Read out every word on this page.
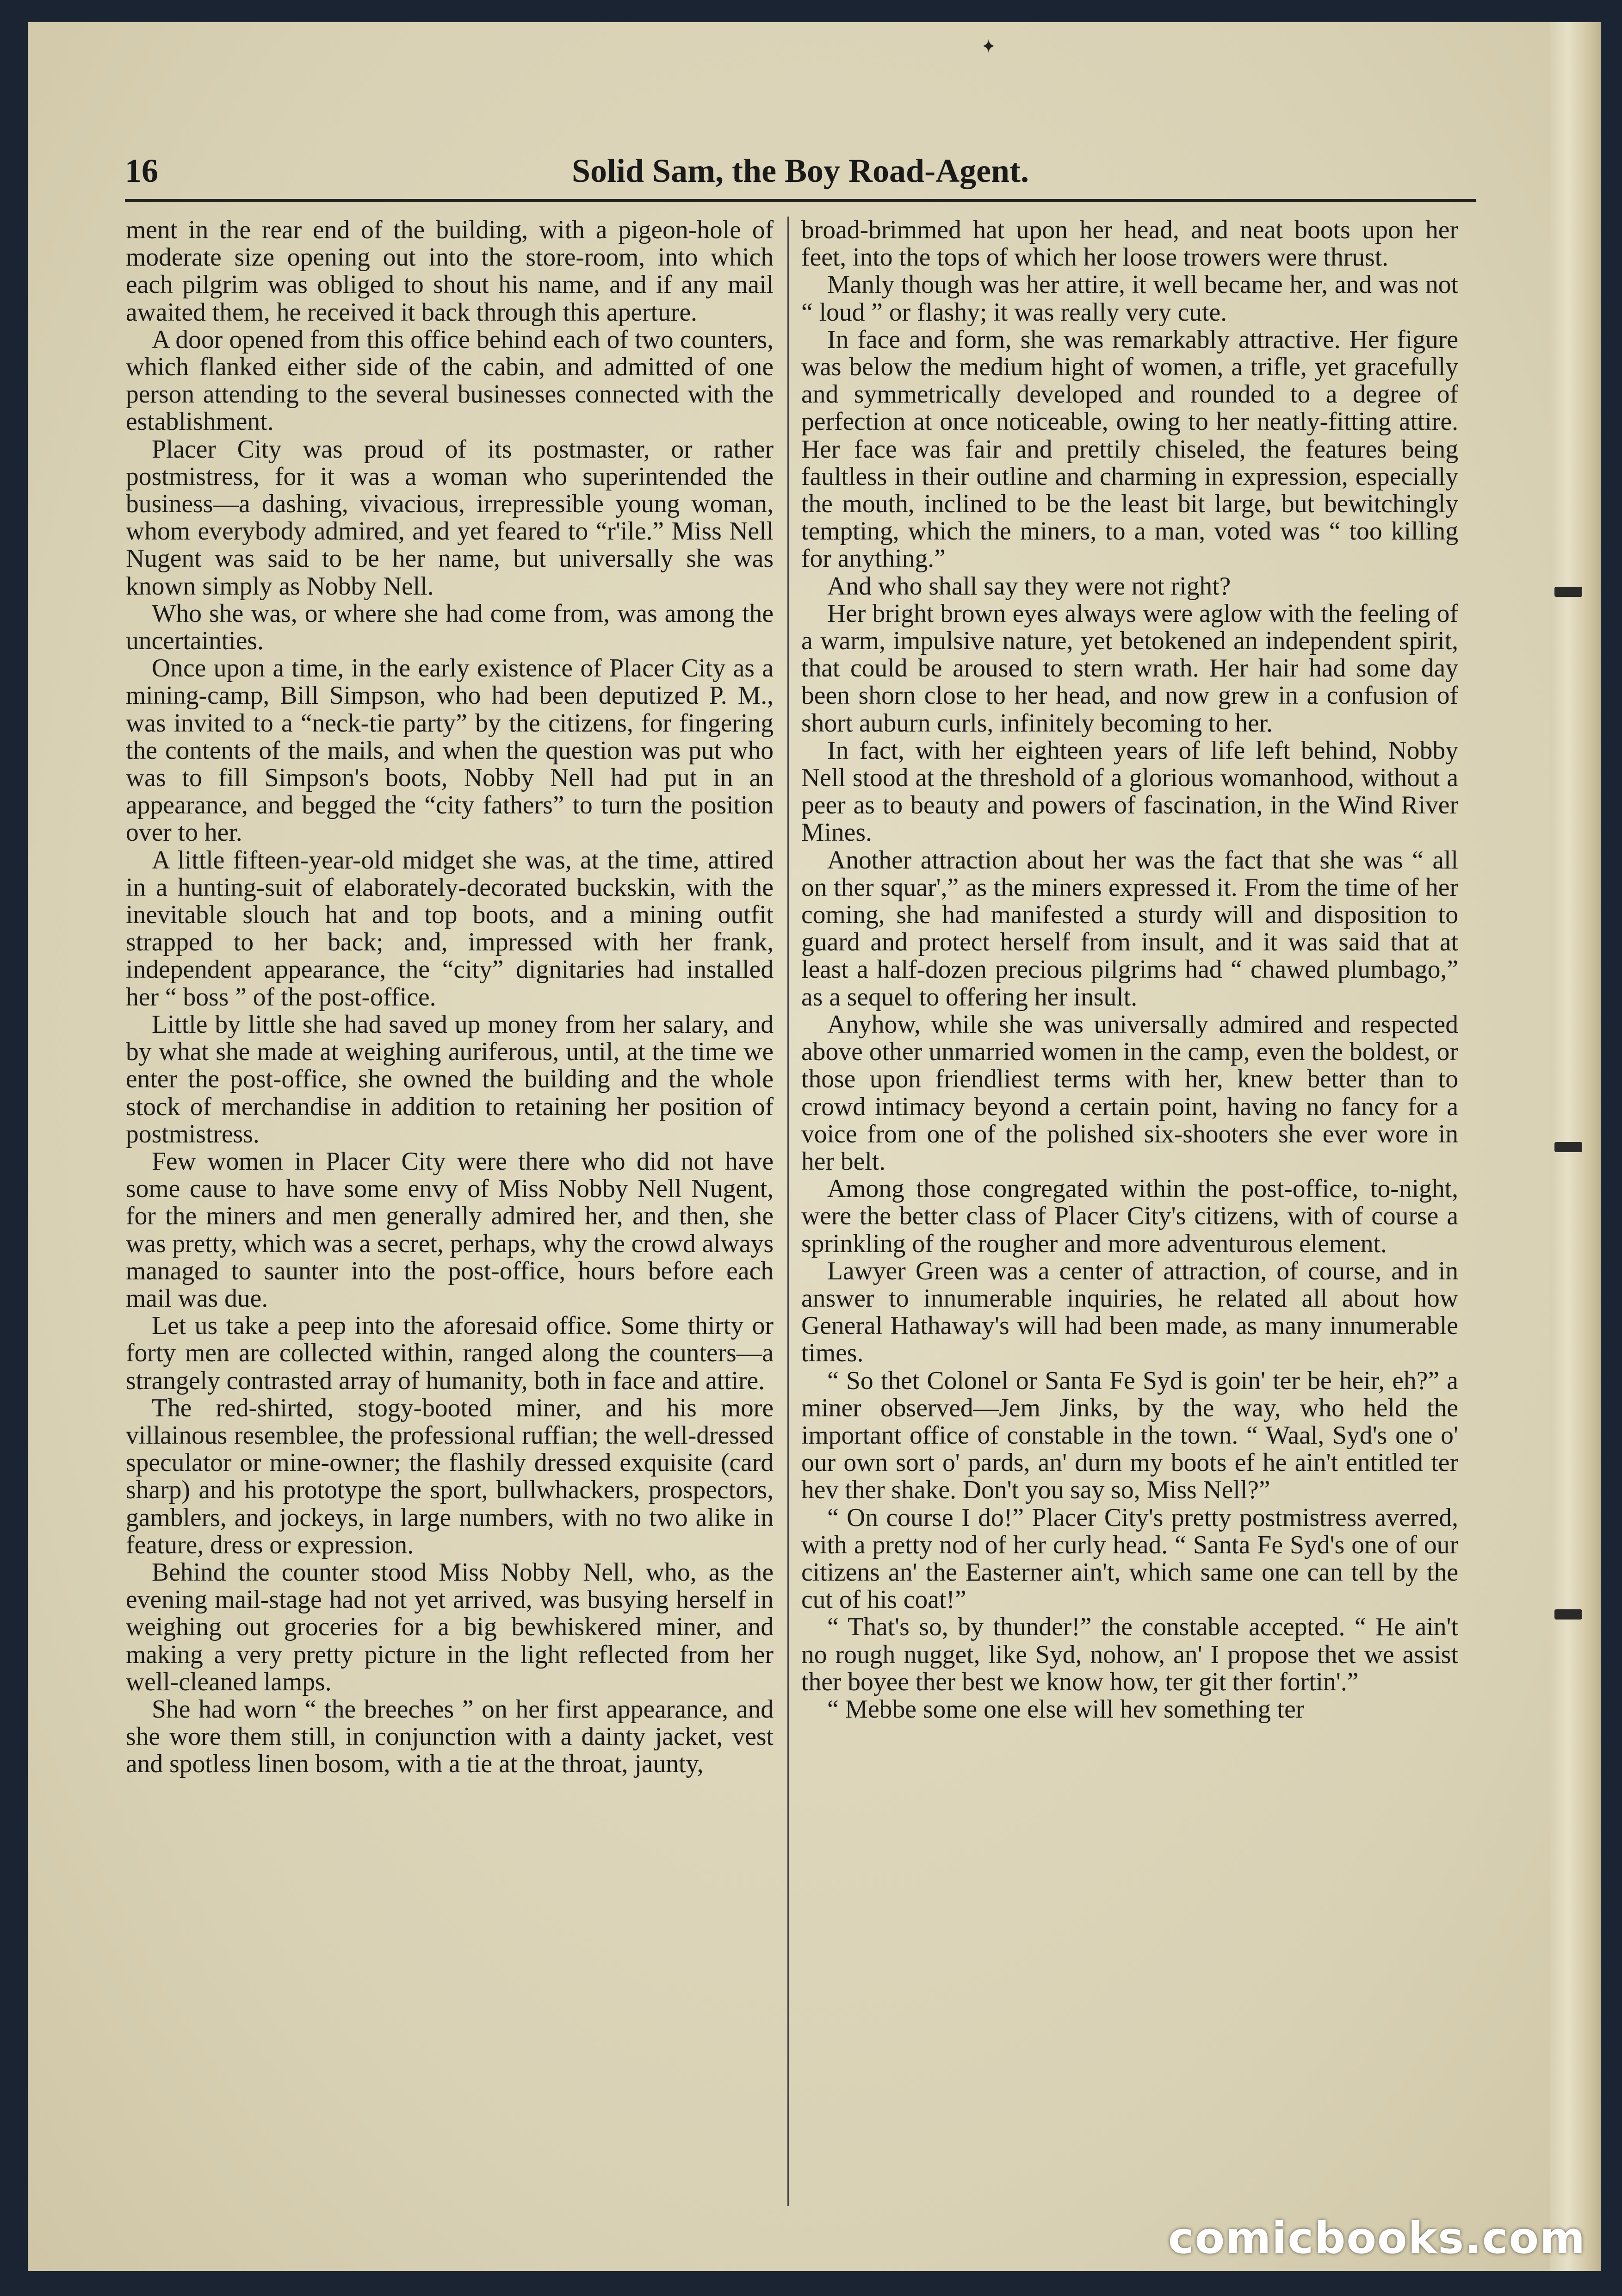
✦
16	Solid Sam, the Boy Road-Agent.

ment in the rear end of the building, with a pigeon-hole of moderate size opening out into the store-room, into which each pilgrim was obliged to shout his name, and if any mail awaited them, he received it back through this aperture.

A door opened from this office behind each of two counters, which flanked either side of the cabin, and admitted of one person attending to the several businesses connected with the establishment.

Placer City was proud of its postmaster, or rather postmistress, for it was a woman who superintended the business—a dashing, vivacious, irrepressible young woman, whom everybody admired, and yet feared to “r'ile.” Miss Nell Nugent was said to be her name, but universally she was known simply as Nobby Nell.

Who she was, or where she had come from, was among the uncertainties.

Once upon a time, in the early existence of Placer City as a mining-camp, Bill Simpson, who had been deputized P. M., was invited to a “neck-tie party” by the citizens, for fingering the contents of the mails, and when the question was put who was to fill Simpson's boots, Nobby Nell had put in an appearance, and begged the “city fathers” to turn the position over to her.

A little fifteen-year-old midget she was, at the time, attired in a hunting-suit of elaborately-decorated buckskin, with the inevitable slouch hat and top boots, and a mining outfit strapped to her back; and, impressed with her frank, independent appearance, the “city” dignitaries had installed her “ boss ” of the post-office.

Little by little she had saved up money from her salary, and by what she made at weighing auriferous, until, at the time we enter the post-office, she owned the building and the whole stock of merchandise in addition to retaining her position of postmistress.

Few women in Placer City were there who did not have some cause to have some envy of Miss Nobby Nell Nugent, for the miners and men generally admired her, and then, she was pretty, which was a secret, perhaps, why the crowd always managed to saunter into the post-office, hours before each mail was due.

Let us take a peep into the aforesaid office. Some thirty or forty men are collected within, ranged along the counters—a strangely contrasted array of humanity, both in face and attire.

The red-shirted, stogy-booted miner, and his more villainous resemblee, the professional ruffian; the well-dressed speculator or mine-owner; the flashily dressed exquisite (card sharp) and his prototype the sport, bullwhackers, prospectors, gamblers, and jockeys, in large numbers, with no two alike in feature, dress or expression.

Behind the counter stood Miss Nobby Nell, who, as the evening mail-stage had not yet arrived, was busying herself in weighing out groceries for a big bewhiskered miner, and making a very pretty picture in the light reflected from her well-cleaned lamps.

She had worn “ the breeches ” on her first appearance, and she wore them still, in conjunction with a dainty jacket, vest and spotless linen bosom, with a tie at the throat, jaunty,

broad-brimmed hat upon her head, and neat boots upon her feet, into the tops of which her loose trowers were thrust.

Manly though was her attire, it well became her, and was not “ loud ” or flashy; it was really very cute.

In face and form, she was remarkably attractive. Her figure was below the medium hight of women, a trifle, yet gracefully and symmetrically developed and rounded to a degree of perfection at once noticeable, owing to her neatly-fitting attire. Her face was fair and prettily chiseled, the features being faultless in their outline and charming in expression, especially the mouth, inclined to be the least bit large, but bewitchingly tempting, which the miners, to a man, voted was “ too killing for anything.”

And who shall say they were not right?

Her bright brown eyes always were aglow with the feeling of a warm, impulsive nature, yet betokened an independent spirit, that could be aroused to stern wrath. Her hair had some day been shorn close to her head, and now grew in a confusion of short auburn curls, infinitely becoming to her.

In fact, with her eighteen years of life left behind, Nobby Nell stood at the threshold of a glorious womanhood, without a peer as to beauty and powers of fascination, in the Wind River Mines.

Another attraction about her was the fact that she was “ all on ther squar',” as the miners expressed it. From the time of her coming, she had manifested a sturdy will and disposition to guard and protect herself from insult, and it was said that at least a half-dozen precious pilgrims had “ chawed plumbago,” as a sequel to offering her insult.

Anyhow, while she was universally admired and respected above other unmarried women in the camp, even the boldest, or those upon friendliest terms with her, knew better than to crowd intimacy beyond a certain point, having no fancy for a voice from one of the polished six-shooters she ever wore in her belt.

Among those congregated within the post-office, to-night, were the better class of Placer City's citizens, with of course a sprinkling of the rougher and more adventurous element.

Lawyer Green was a center of attraction, of course, and in answer to innumerable inquiries, he related all about how General Hathaway's will had been made, as many innumerable times.

“ So thet Colonel or Santa Fe Syd is goin' ter be heir, eh?” a miner observed—Jem Jinks, by the way, who held the important office of constable in the town. “ Waal, Syd's one o' our own sort o' pards, an' durn my boots ef he ain't entitled ter hev ther shake. Don't you say so, Miss Nell?”

“ On course I do!” Placer City's pretty postmistress averred, with a pretty nod of her curly head. “ Santa Fe Syd's one of our citizens an' the Easterner ain't, which same one can tell by the cut of his coat!”

“ That's so, by thunder!” the constable accepted. “ He ain't no rough nugget, like Syd, nohow, an' I propose thet we assist ther boyee ther best we know how, ter git ther fortin'.”

“ Mebbe some one else will hev something ter

comicbooks.com
